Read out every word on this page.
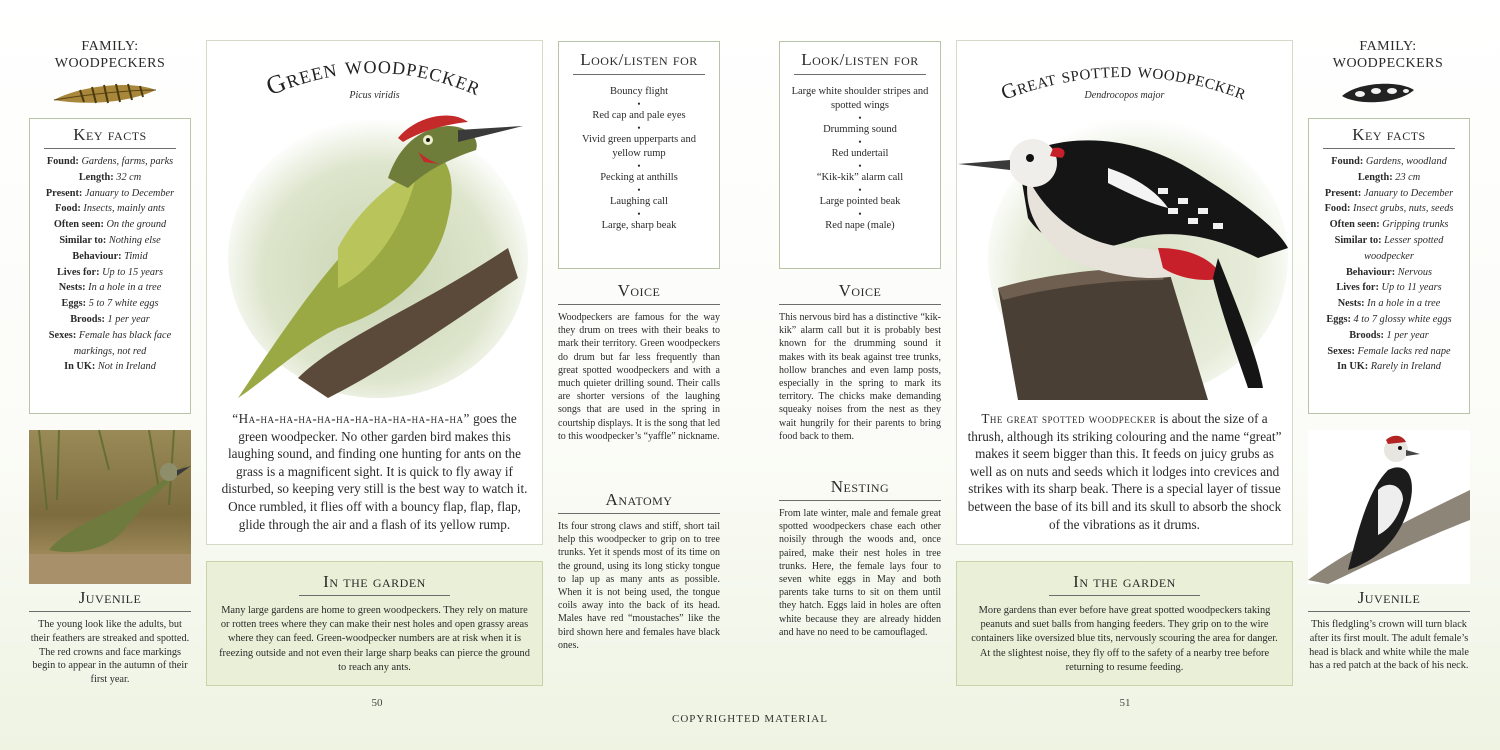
FAMILY:
WOODPECKERS
Key facts
Found: Gardens, farms, parks
Length: 32 cm
Present: January to December
Food: Insects, mainly ants
Often seen: On the ground
Similar to: Nothing else
Behaviour: Timid
Lives for: Up to 15 years
Nests: In a hole in a tree
Eggs: 5 to 7 white eggs
Broods: 1 per year
Sexes: Female has black face markings, not red
In UK: Not in Ireland
Juvenile
The young look like the adults, but their feathers are streaked and spotted. The red crowns and face markings begin to appear in the autumn of their first year.
Green woodpecker
Picus viridis
“Ha-ha-ha-ha-ha-ha-ha-ha-ha-ha-ha-ha” goes the green woodpecker. No other garden bird makes this laughing sound, and finding one hunting for ants on the grass is a magnificent sight. It is quick to fly away if disturbed, so keeping very still is the best way to watch it. Once rumbled, it flies off with a bouncy flap, flap, flap, glide through the air and a flash of its yellow rump.
In the garden
Many large gardens are home to green woodpeckers. They rely on mature or rotten trees where they can make their nest holes and open grassy areas where they can feed. Green-woodpecker numbers are at risk when it is freezing outside and not even their large sharp beaks can pierce the ground to reach any ants.
Look/listen for
Bouncy flight
•
Red cap and pale eyes
•
Vivid green upperparts and yellow rump
•
Pecking at anthills
•
Laughing call
•
Large, sharp beak
Voice
Woodpeckers are famous for the way they drum on trees with their beaks to mark their territory. Green woodpeckers do drum but far less frequently than great spotted woodpeckers and with a much quieter drilling sound. Their calls are shorter versions of the laughing songs that are used in the spring in courtship displays. It is the song that led to this woodpecker’s “yaffle” nickname.
Anatomy
Its four strong claws and stiff, short tail help this woodpecker to grip on to tree trunks. Yet it spends most of its time on the ground, using its long sticky tongue to lap up as many ants as possible. When it is not being used, the tongue coils away into the back of its head. Males have red “moustaches” like the bird shown here and females have black ones.
50
Look/listen for
Large white shoulder stripes and spotted wings
•
Drumming sound
•
Red undertail
•
“Kik-kik” alarm call
•
Large pointed beak
•
Red nape (male)
Voice
This nervous bird has a distinctive “kik-kik” alarm call but it is probably best known for the drumming sound it makes with its beak against tree trunks, hollow branches and even lamp posts, especially in the spring to mark its territory. The chicks make demanding squeaky noises from the nest as they wait hungrily for their parents to bring food back to them.
Nesting
From late winter, male and female great spotted woodpeckers chase each other noisily through the woods and, once paired, make their nest holes in tree trunks. Here, the female lays four to seven white eggs in May and both parents take turns to sit on them until they hatch. Eggs laid in holes are often white because they are already hidden and have no need to be camouflaged.
Great spotted woodpecker
Dendrocopos major
The great spotted woodpecker is about the size of a thrush, although its striking colouring and the name “great” makes it seem bigger than this. It feeds on juicy grubs as well as on nuts and seeds which it lodges into crevices and strikes with its sharp beak. There is a special layer of tissue between the base of its bill and its skull to absorb the shock of the vibrations as it drums.
In the garden
More gardens than ever before have great spotted woodpeckers taking peanuts and suet balls from hanging feeders. They grip on to the wire containers like oversized blue tits, nervously scouring the area for danger. At the slightest noise, they fly off to the safety of a nearby tree before returning to resume feeding.
FAMILY:
WOODPECKERS
Key facts
Found: Gardens, woodland
Length: 23 cm
Present: January to December
Food: Insect grubs, nuts, seeds
Often seen: Gripping trunks
Similar to: Lesser spotted woodpecker
Behaviour: Nervous
Lives for: Up to 11 years
Nests: In a hole in a tree
Eggs: 4 to 7 glossy white eggs
Broods: 1 per year
Sexes: Female lacks red nape
In UK: Rarely in Ireland
Juvenile
This fledgling’s crown will turn black after its first moult. The adult female’s head is black and white while the male has a red patch at the back of his neck.
51
COPYRIGHTED MATERIAL
